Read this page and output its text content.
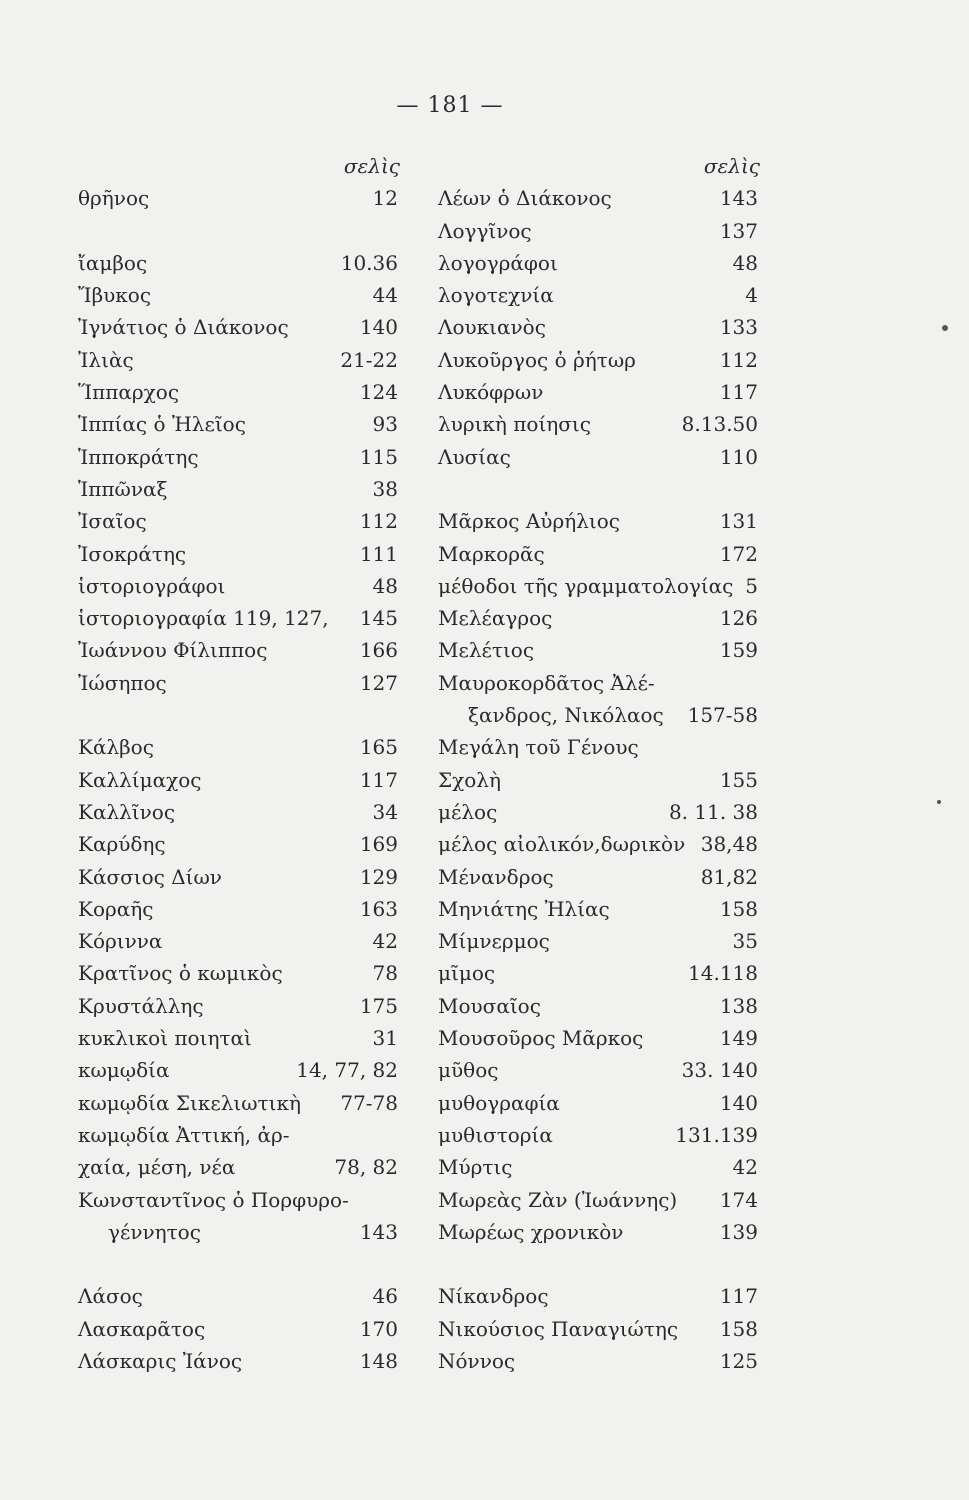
— 181 —
σελὶς
θρῆνος	12
ἴαμβος	10.36
Ἴβυκος	44
Ἰγνάτιος ὁ Διάκονος	140
Ἰλιὰς	21-22
Ἵππαρχος	124
Ἱππίας ὁ Ἠλεῖος	93
Ἱπποκράτης	115
Ἱππῶναξ	38
Ἰσαῖος	112
Ἰσοκράτης	111
ἱστοριογράφοι	48
ἱστοριογραφία 119, 127, 145
Ἰωάννου Φίλιππος	166
Ἰώσηπος	127
Κάλβος	165
Καλλίμαχος	117
Καλλῖνος	34
Καρύδης	169
Κάσσιος Δίων	129
Κοραῆς	163
Κόριννα	42
Κρατῖνος ὁ κωμικὸς	78
Κρυστάλλης	175
κυκλικοὶ ποιηταὶ	31
κωμῳδία	14, 77, 82
κωμῳδία Σικελιωτικὴ 77-78
κωμῳδία Ἀττική, ἀρ-
χαία, μέση, νέα	78, 82
Κωνσταντῖνος ὁ Πορφυρο-
γέννητος	143
Λάσος	46
Λασκαρᾶτος	170
Λάσκαρις Ἰάνος	148
σελὶς
Λέων ὁ Διάκονος	143
Λογγῖνος	137
λογογράφοι	48
λογοτεχνία	4
Λουκιανὸς	133
Λυκοῦργος ὁ ῥήτωρ	112
Λυκόφρων	117
λυρικὴ ποίησις	8.13.50
Λυσίας	110
Μᾶρκος Αὐρήλιος	131
Μαρκορᾶς	172
μέθοδοι τῆς γραμματολογίας 5
Μελέαγρος	126
Μελέτιος	159
Μαυροκορδᾶτος Ἀλέ-
ξανδρος, Νικόλαος 157-58
Μεγάλη τοῦ Γένους
Σχολὴ	155
μέλος	8. 11. 38
μέλος αἰολικόν,δωρικὸν 38,48
Μένανδρος	81,82
Μηνιάτης Ἠλίας	158
Μίμνερμος	35
μῖμος	14.118
Μουσαῖος	138
Μουσοῦρος Μᾶρκος	149
μῦθος	33. 140
μυθογραφία	140
μυθιστορία	131.139
Μύρτις	42
Μωρεὰς Ζὰν (Ἰωάννης) 174
Μωρέως χρονικὸν	139
Νίκανδρος	117
Νικούσιος Παναγιώτης 158
Νόννος	125
